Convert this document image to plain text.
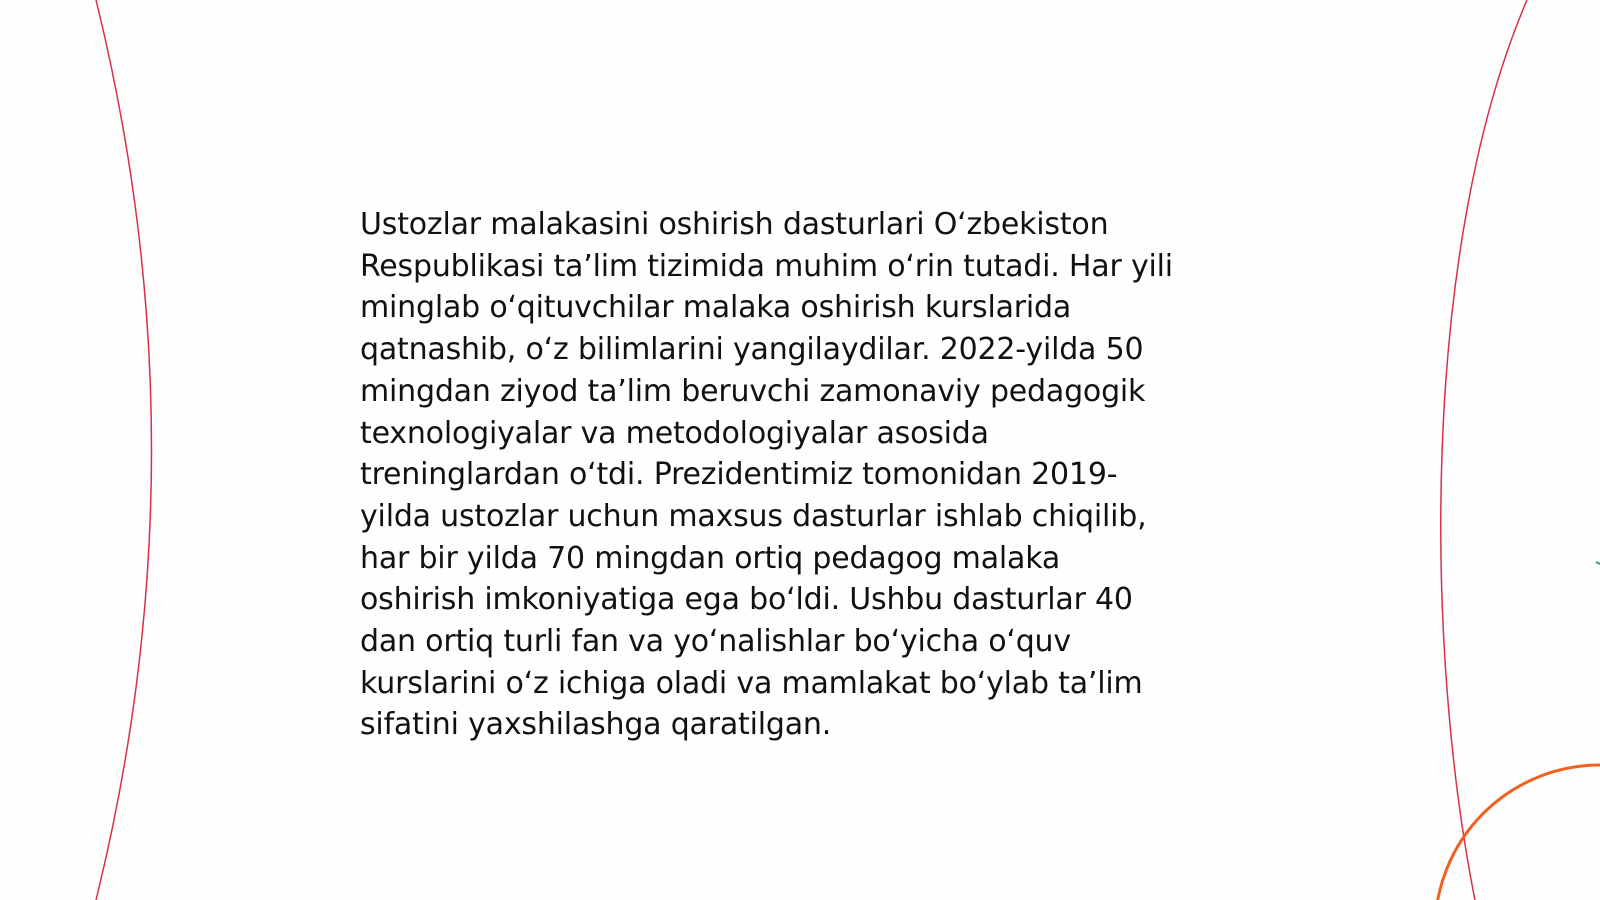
Ustozlar malakasini oshirish dasturlari O‘zbekiston
Respublikasi ta’lim tizimida muhim o‘rin tutadi. Har yili
minglab o‘qituvchilar malaka oshirish kurslarida
qatnashib, o‘z bilimlarini yangilaydilar. 2022-yilda 50
mingdan ziyod ta’lim beruvchi zamonaviy pedagogik
texnologiyalar va metodologiyalar asosida
treninglardan o‘tdi. Prezidentimiz tomonidan 2019-
yilda ustozlar uchun maxsus dasturlar ishlab chiqilib,
har bir yilda 70 mingdan ortiq pedagog malaka
oshirish imkoniyatiga ega bo‘ldi. Ushbu dasturlar 40
dan ortiq turli fan va yo‘nalishlar bo‘yicha o‘quv
kurslarini o‘z ichiga oladi va mamlakat bo‘ylab ta’lim
sifatini yaxshilashga qaratilgan.
